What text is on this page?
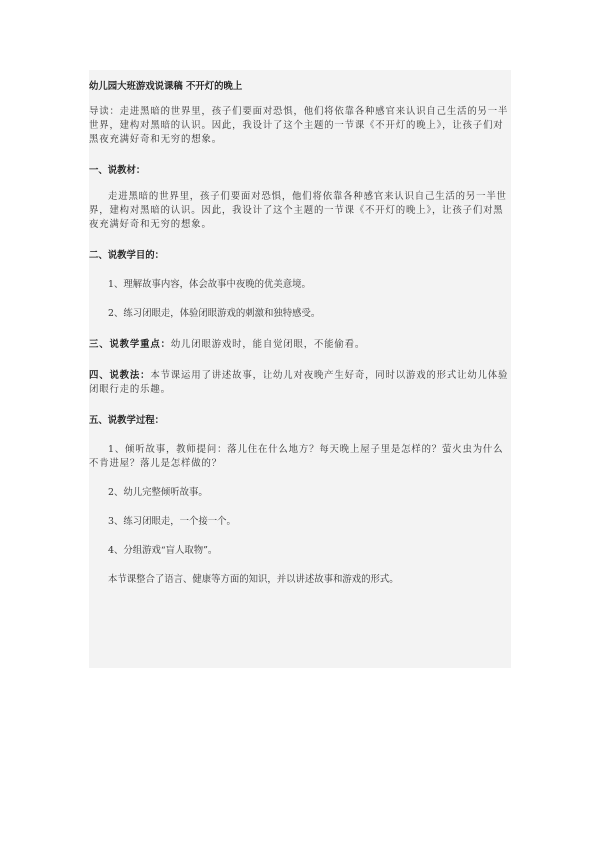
幼儿园大班游戏说课稿 不开灯的晚上

导读：走进黑暗的世界里，孩子们要面对恐惧，他们将依靠各种感官来认识自己生活的另一半世界，建构对黑暗的认识。因此，我设计了这个主题的一节课《不开灯的晚上》，让孩子们对黑夜充满好奇和无穷的想象。

一、说教材：

走进黑暗的世界里，孩子们要面对恐惧，他们将依靠各种感官来认识自己生活的另一半世界，建构对黑暗的认识。因此，我设计了这个主题的一节课《不开灯的晚上》，让孩子们对黑夜充满好奇和无穷的想象。

二、说教学目的：

1、理解故事内容，体会故事中夜晚的优美意境。

2、练习闭眼走，体验闭眼游戏的刺激和独特感受。

三、说教学重点：幼儿闭眼游戏时，能自觉闭眼，不能偷看。

四、说教法：本节课运用了讲述故事，让幼儿对夜晚产生好奇，同时以游戏的形式让幼儿体验闭眼行走的乐趣。

五、说教学过程：

1、倾听故事，教师提问：落儿住在什么地方？每天晚上屋子里是怎样的？萤火虫为什么不肯进屋？落儿是怎样做的？

2、幼儿完整倾听故事。

3、练习闭眼走，一个接一个。

4、分组游戏“盲人取物”。

本节课整合了语言、健康等方面的知识，并以讲述故事和游戏的形式。
